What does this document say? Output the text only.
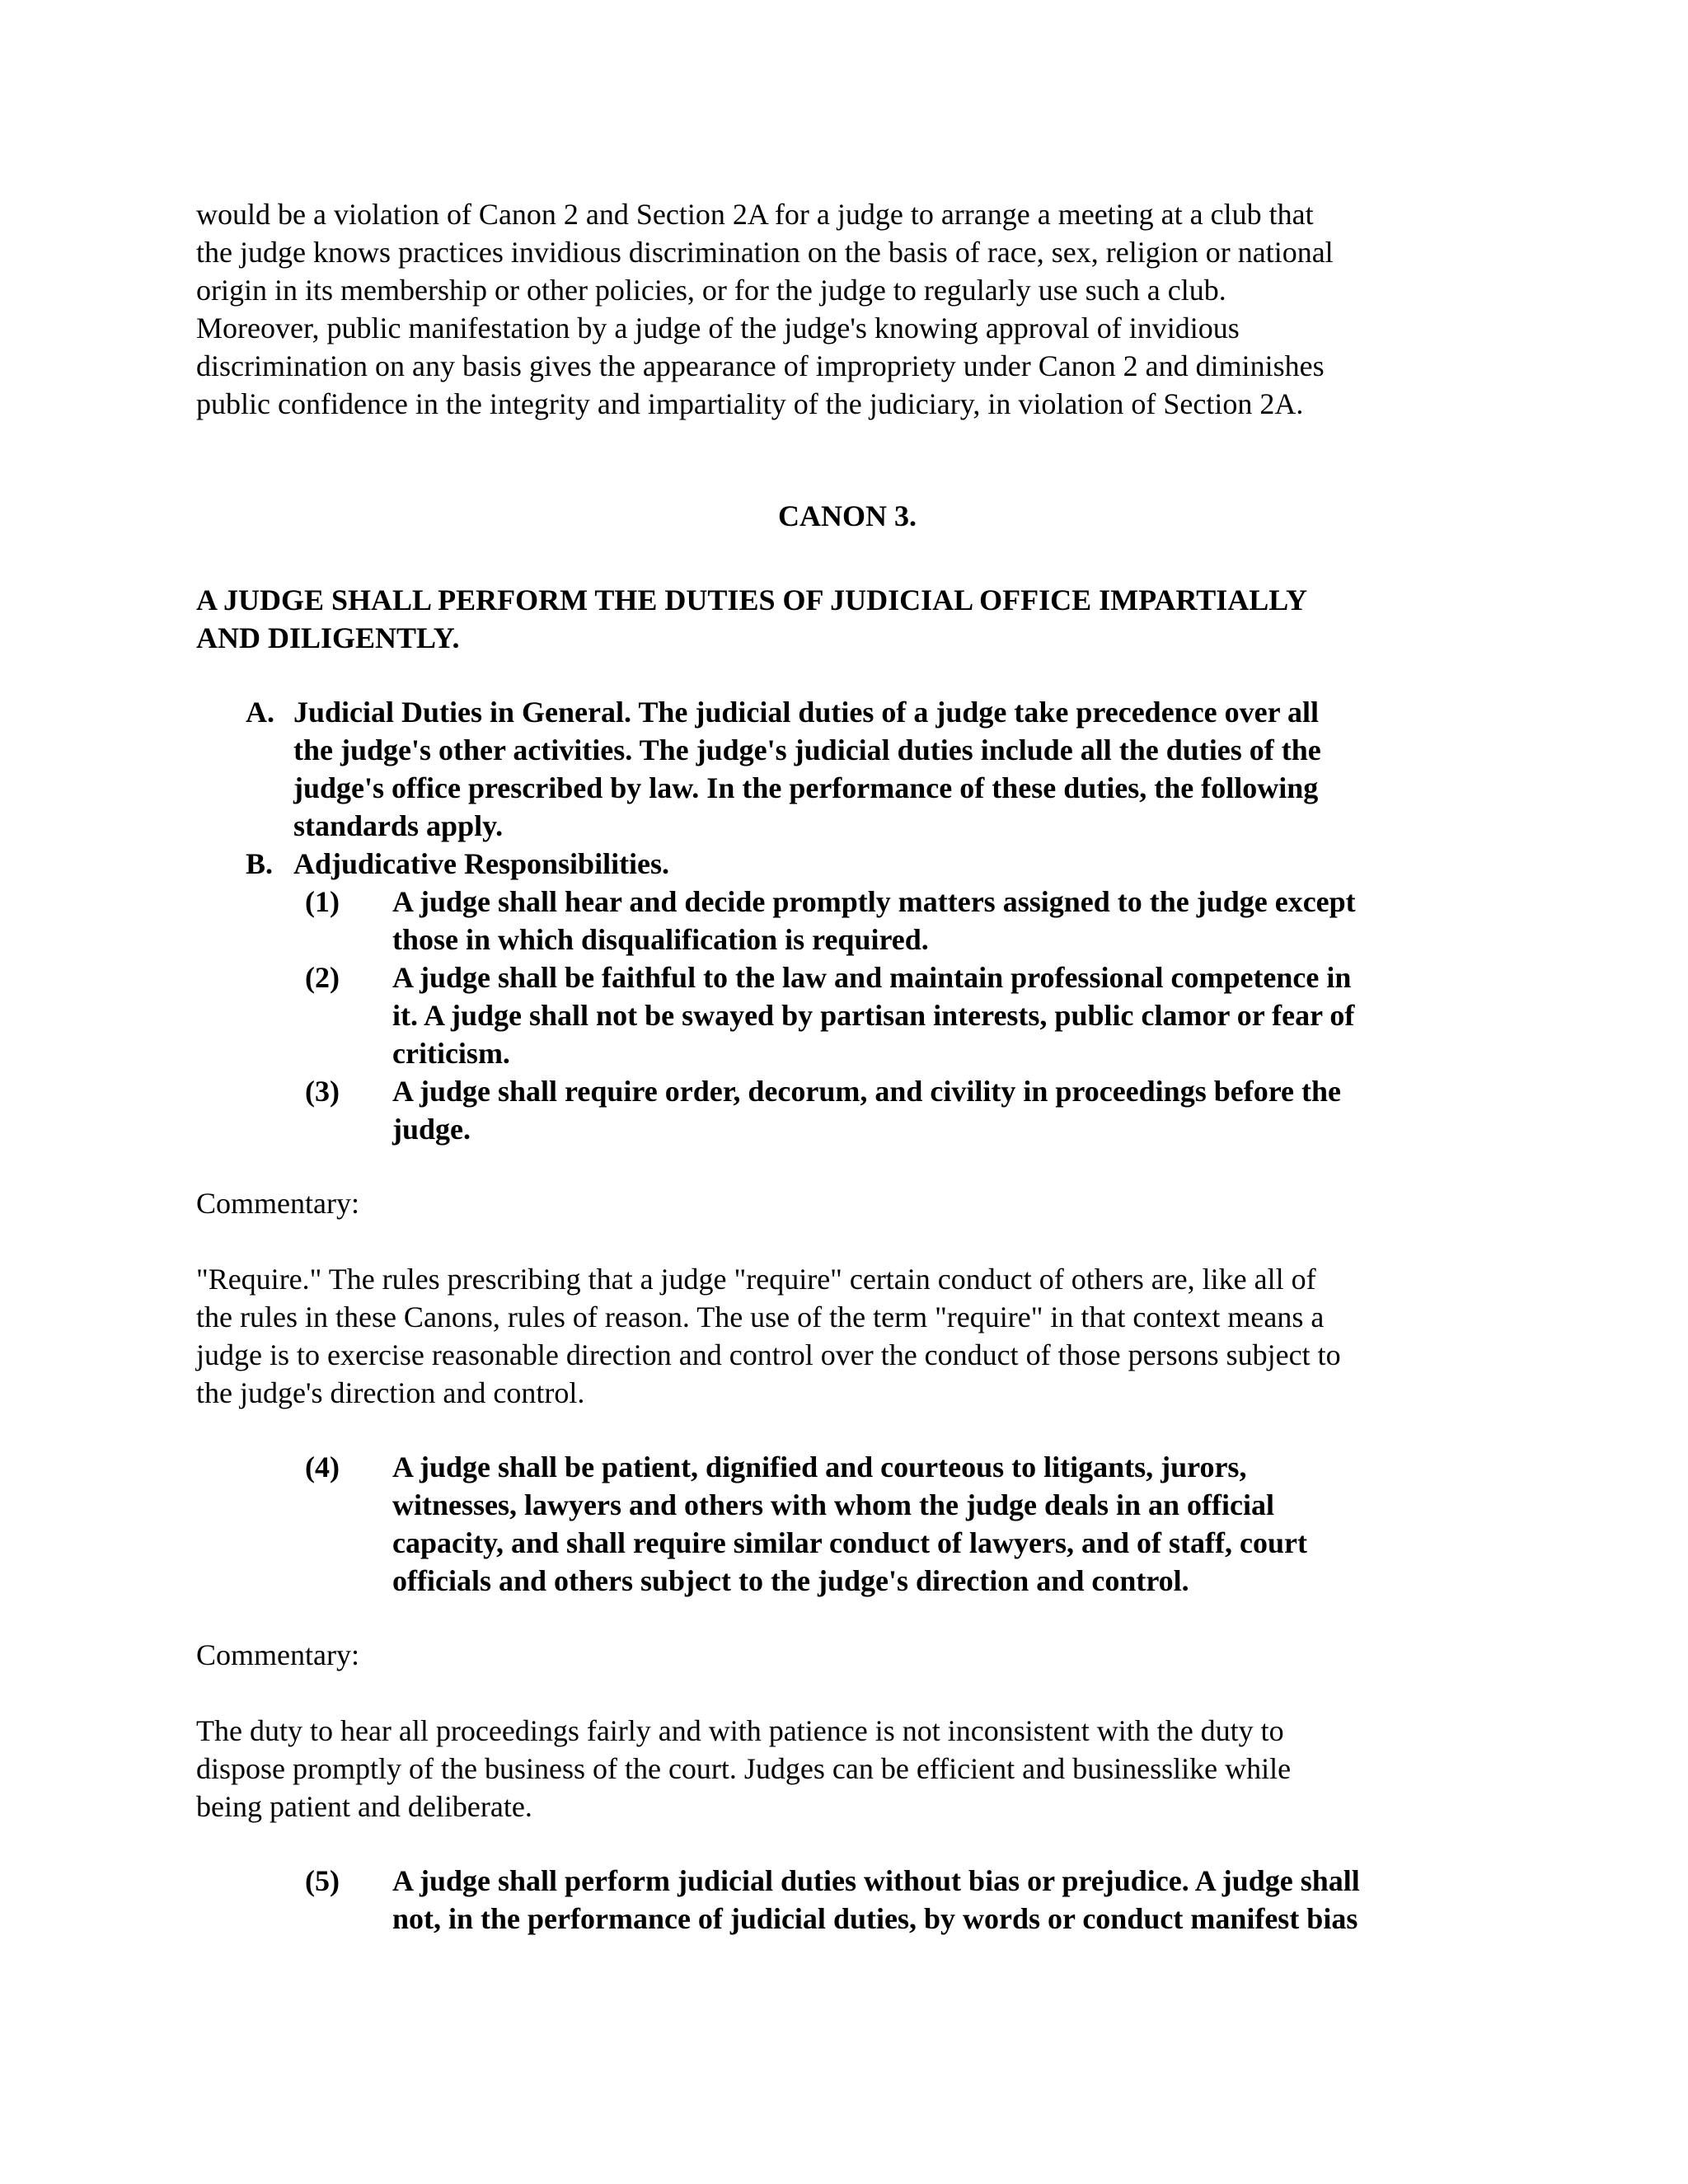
would be a violation of Canon 2 and Section 2A for a judge to arrange a meeting at a club that
the judge knows practices invidious discrimination on the basis of race, sex, religion or national
origin in its membership or other policies, or for the judge to regularly use such a club.
Moreover, public manifestation by a judge of the judge's knowing approval of invidious
discrimination on any basis gives the appearance of impropriety under Canon 2 and diminishes
public confidence in the integrity and impartiality of the judiciary, in violation of Section 2A.
CANON 3.
A JUDGE SHALL PERFORM THE DUTIES OF JUDICIAL OFFICE IMPARTIALLY
AND DILIGENTLY.
A. Judicial Duties in General. The judicial duties of a judge take precedence over all
the judge's other activities. The judge's judicial duties include all the duties of the
judge's office prescribed by law. In the performance of these duties, the following
standards apply.
B. Adjudicative Responsibilities.
(1) A judge shall hear and decide promptly matters assigned to the judge except
those in which disqualification is required.
(2) A judge shall be faithful to the law and maintain professional competence in
it. A judge shall not be swayed by partisan interests, public clamor or fear of
criticism.
(3) A judge shall require order, decorum, and civility in proceedings before the
judge.
Commentary:
"Require." The rules prescribing that a judge "require" certain conduct of others are, like all of
the rules in these Canons, rules of reason. The use of the term "require" in that context means a
judge is to exercise reasonable direction and control over the conduct of those persons subject to
the judge's direction and control.
(4) A judge shall be patient, dignified and courteous to litigants, jurors,
witnesses, lawyers and others with whom the judge deals in an official
capacity, and shall require similar conduct of lawyers, and of staff, court
officials and others subject to the judge's direction and control.
Commentary:
The duty to hear all proceedings fairly and with patience is not inconsistent with the duty to
dispose promptly of the business of the court. Judges can be efficient and businesslike while
being patient and deliberate.
(5) A judge shall perform judicial duties without bias or prejudice. A judge shall
not, in the performance of judicial duties, by words or conduct manifest bias
